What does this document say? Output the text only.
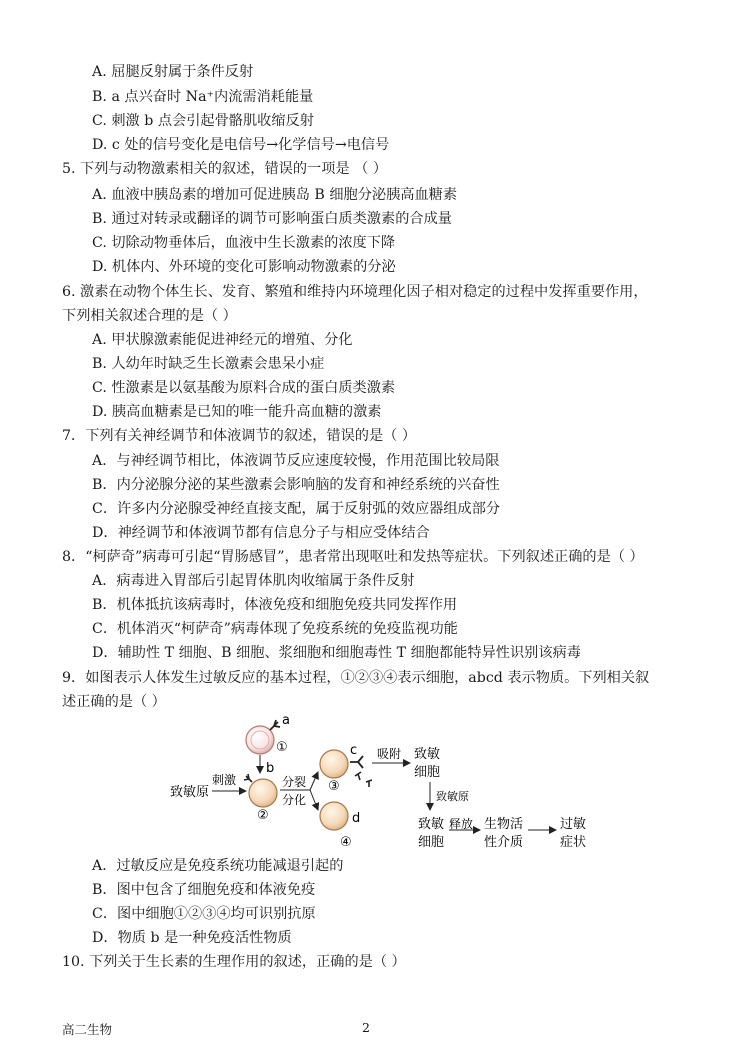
A. 屈腿反射属于条件反射
B. a 点兴奋时 Na⁺内流需消耗能量
C. 刺激 b 点会引起骨骼肌收缩反射
D. c 处的信号变化是电信号→化学信号→电信号
5. 下列与动物激素相关的叙述，错误的一项是 （ ）
A. 血液中胰岛素的增加可促进胰岛 B 细胞分泌胰高血糖素
B. 通过对转录或翻译的调节可影响蛋白质类激素的合成量
C. 切除动物垂体后，血液中生长激素的浓度下降
D. 机体内、外环境的变化可影响动物激素的分泌
6. 激素在动物个体生长、发育、繁殖和维持内环境理化因子相对稳定的过程中发挥重要作用，
下列相关叙述合理的是（ ）
A. 甲状腺激素能促进神经元的增殖、分化
B. 人幼年时缺乏生长激素会患呆小症
C. 性激素是以氨基酸为原料合成的蛋白质类激素
D. 胰高血糖素是已知的唯一能升高血糖的激素
7．下列有关神经调节和体液调节的叙述，错误的是（ ）
A．与神经调节相比，体液调节反应速度较慢，作用范围比较局限
B．内分泌腺分泌的某些激素会影响脑的发育和神经系统的兴奋性
C．许多内分泌腺受神经直接支配，属于反射弧的效应器组成部分
D．神经调节和体液调节都有信息分子与相应受体结合
8．“柯萨奇”病毒可引起“胃肠感冒”，患者常出现呕吐和发热等症状。下列叙述正确的是（ ）
A．病毒进入胃部后引起胃体肌肉收缩属于条件反射
B．机体抵抗该病毒时，体液免疫和细胞免疫共同发挥作用
C．机体消灭“柯萨奇”病毒体现了免疫系统的免疫监视功能
D．辅助性 T 细胞、B 细胞、浆细胞和细胞毒性 T 细胞都能特异性识别该病毒
9．如图表示人体发生过敏反应的基本过程，①②③④表示细胞，abcd 表示物质。下列相关叙
述正确的是（ ）
a
①
b
致敏原
刺激
②
分裂
分化
③
c 吸附 致敏
细胞
d
④
致敏原
致敏
细胞
释放 生物活
性介质
过敏
症状
A．过敏反应是免疫系统功能减退引起的
B．图中包含了细胞免疫和体液免疫
C．图中细胞①②③④均可识别抗原
D．物质 b 是一种免疫活性物质
10. 下列关于生长素的生理作用的叙述，正确的是（ ）
高二生物	2
